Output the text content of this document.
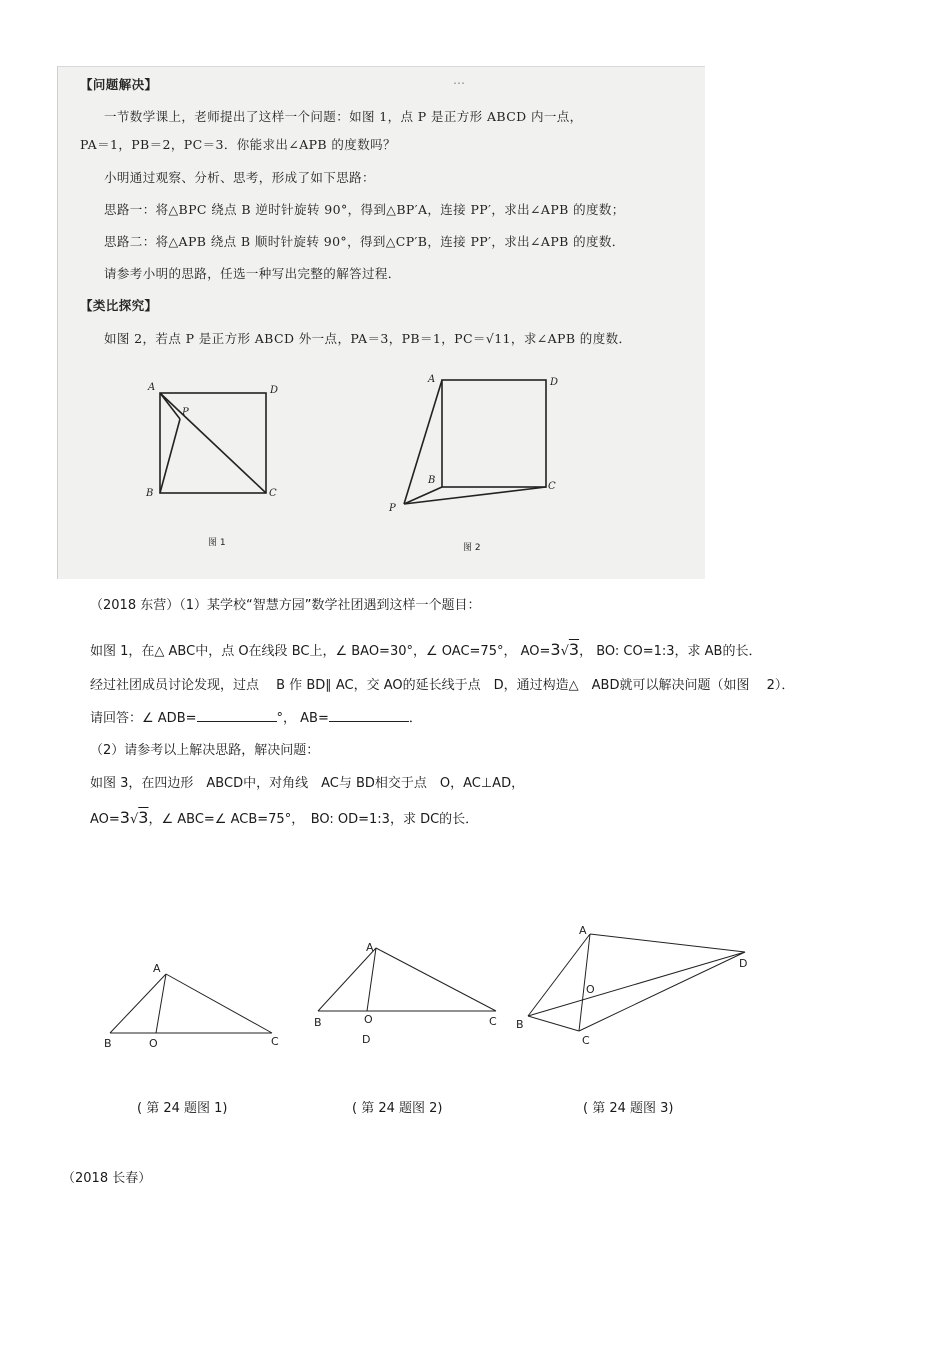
…
【问题解决】
一节数学课上，老师提出了这样一个问题：如图 1，点 P 是正方形 ABCD 内一点，
PA＝1，PB＝2，PC＝3．你能求出∠APB 的度数吗？
小明通过观察、分析、思考，形成了如下思路：
思路一：将△BPC 绕点 B 逆时针旋转 90°，得到△BP′A，连接 PP′，求出∠APB 的度数；
思路二：将△APB 绕点 B 顺时针旋转 90°，得到△CP′B，连接 PP′，求出∠APB 的度数．
请参考小明的思路，任选一种写出完整的解答过程．
【类比探究】
如图 2，若点 P 是正方形 ABCD 外一点，PA＝3，PB＝1，PC＝√11，求∠APB 的度数．
A	D
P
B	C
图 1
A	D
B
C
P
图 2
（2018 东营）（1）某学校“智慧方园”数学社团遇到这样一个题目：
如图 1，在△ ABC中，点 O在线段 BC上，∠ BAO=30°，∠ OAC=75°， AO=3√3， BO: CO=1:3，求 AB的长．
经过社团成员讨论发现，过点　 B 作 BD∥ AC，交 AO的延长线于点　D，通过构造△　ABD就可以解决问题（如图　 2）．
请回答：∠ ADB=	°， AB=	．
（2）请参考以上解决思路，解决问题：
如图 3，在四边形　ABCD中，对角线　AC与 BD相交于点　O，AC⊥AD，
AO=3√3，∠ ABC=∠ ACB=75°，　BO: OD=1:3，求 DC的长．
A
B	O	C
A
B	O	C
D
A
D
O
B
C
( 第 24 题图 1)	( 第 24 题图 2)	( 第 24 题图 3)
（2018 长春）
